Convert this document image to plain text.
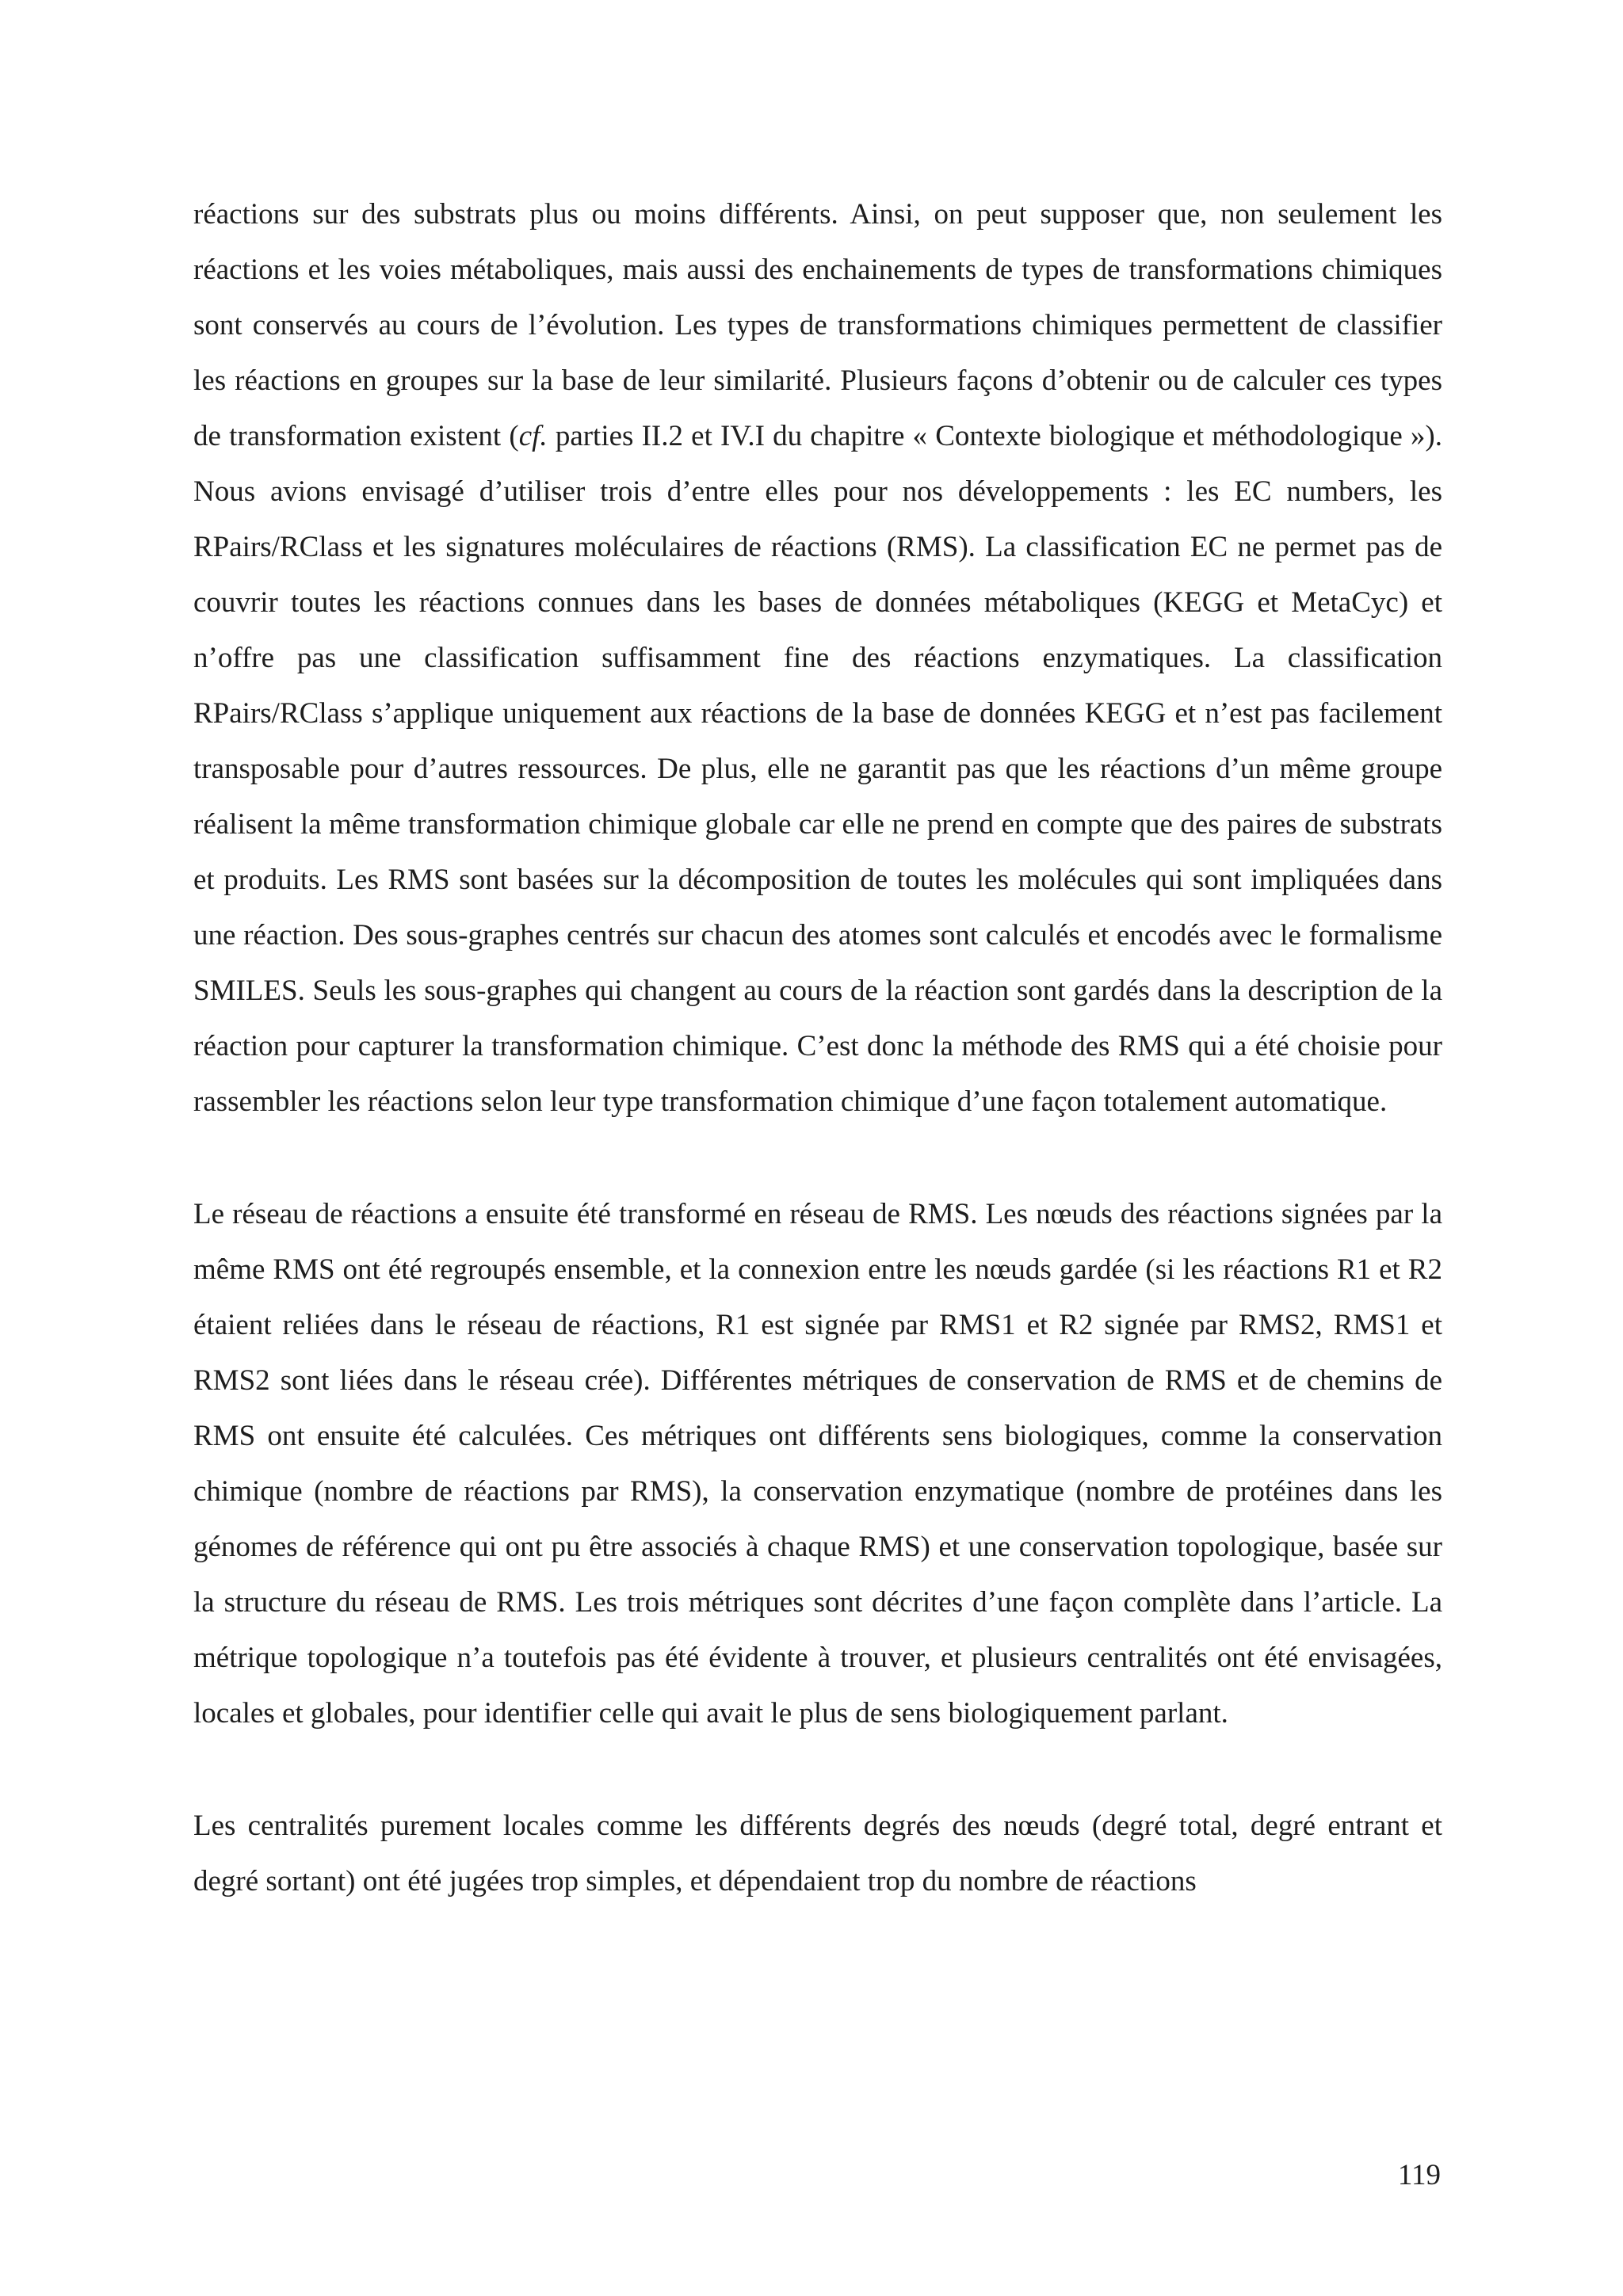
réactions sur des substrats plus ou moins différents. Ainsi, on peut supposer que, non seulement les réactions et les voies métaboliques, mais aussi des enchainements de types de transformations chimiques sont conservés au cours de l’évolution. Les types de transformations chimiques permettent de classifier les réactions en groupes sur la base de leur similarité. Plusieurs façons d’obtenir ou de calculer ces types de transformation existent (cf. parties II.2 et IV.I du chapitre « Contexte biologique et méthodologique »). Nous avions envisagé d’utiliser trois d’entre elles pour nos développements : les EC numbers, les RPairs/RClass et les signatures moléculaires de réactions (RMS). La classification EC ne permet pas de couvrir toutes les réactions connues dans les bases de données métaboliques (KEGG et MetaCyc) et n’offre pas une classification suffisamment fine des réactions enzymatiques. La classification RPairs/RClass s’applique uniquement aux réactions de la base de données KEGG et n’est pas facilement transposable pour d’autres ressources. De plus, elle ne garantit pas que les réactions d’un même groupe réalisent la même transformation chimique globale car elle ne prend en compte que des paires de substrats et produits. Les RMS sont basées sur la décomposition de toutes les molécules qui sont impliquées dans une réaction. Des sous-graphes centrés sur chacun des atomes sont calculés et encodés avec le formalisme SMILES. Seuls les sous-graphes qui changent au cours de la réaction sont gardés dans la description de la réaction pour capturer la transformation chimique. C’est donc la méthode des RMS qui a été choisie pour rassembler les réactions selon leur type transformation chimique d’une façon totalement automatique.

Le réseau de réactions a ensuite été transformé en réseau de RMS. Les nœuds des réactions signées par la même RMS ont été regroupés ensemble, et la connexion entre les nœuds gardée (si les réactions R1 et R2 étaient reliées dans le réseau de réactions, R1 est signée par RMS1 et R2 signée par RMS2, RMS1 et RMS2 sont liées dans le réseau crée). Différentes métriques de conservation de RMS et de chemins de RMS ont ensuite été calculées. Ces métriques ont différents sens biologiques, comme la conservation chimique (nombre de réactions par RMS), la conservation enzymatique (nombre de protéines dans les génomes de référence qui ont pu être associés à chaque RMS) et une conservation topologique, basée sur la structure du réseau de RMS. Les trois métriques sont décrites d’une façon complète dans l’article. La métrique topologique n’a toutefois pas été évidente à trouver, et plusieurs centralités ont été envisagées, locales et globales, pour identifier celle qui avait le plus de sens biologiquement parlant.

Les centralités purement locales comme les différents degrés des nœuds (degré total, degré entrant et degré sortant) ont été jugées trop simples, et dépendaient trop du nombre de réactions

119
